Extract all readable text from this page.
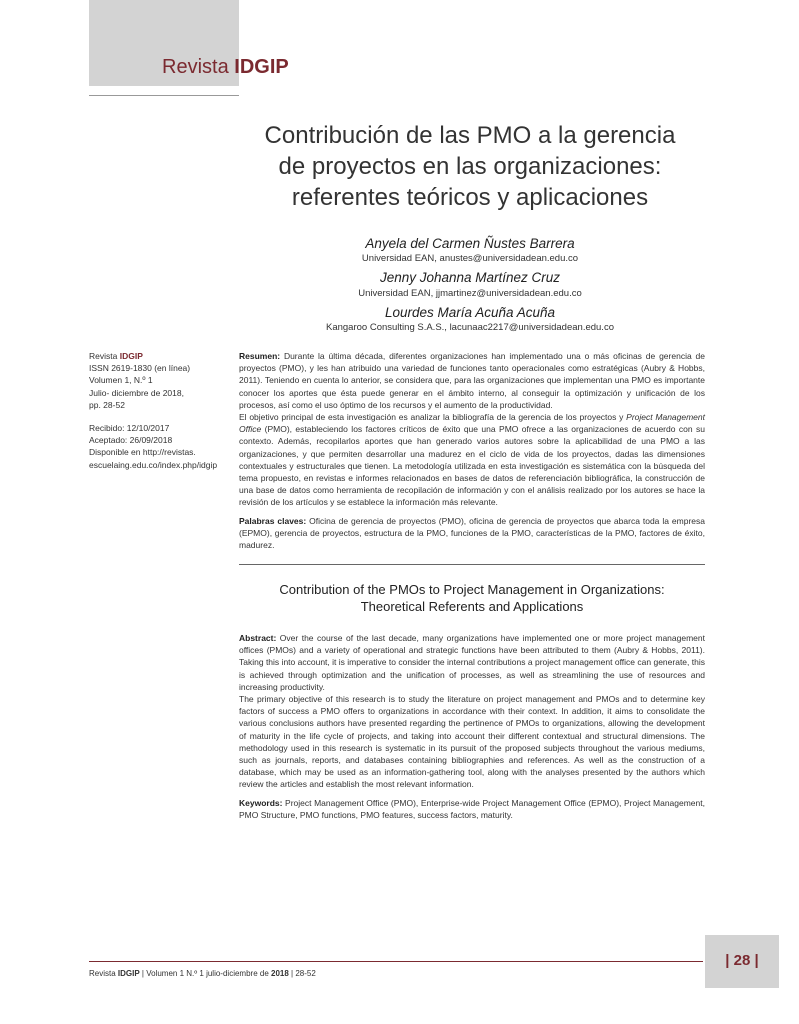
Revista IDGIP
Contribución de las PMO a la gerencia
de proyectos en las organizaciones:
referentes teóricos y aplicaciones
Anyela del Carmen Ñustes Barrera
Universidad EAN, anustes@universidadean.edu.co
Jenny Johanna Martínez Cruz
Universidad EAN, jjmartinez@universidadean.edu.co
Lourdes María Acuña Acuña
Kangaroo Consulting S.A.S., lacunaac2217@universidadean.edu.co
Revista IDGIP
ISSN 2619-1830 (en línea)
Volumen 1, N.º 1
Julio- diciembre de 2018,
pp. 28-52
Recibido: 12/10/2017
Aceptado: 26/09/2018
Disponible en http://revistas.
escuelaing.edu.co/index.php/idgip

Resumen: Durante la última década, diferentes organizaciones han implementado una o más oficinas de gerencia de proyectos (PMO), y les han atribuido una variedad de funciones tanto operacionales como estratégicas (Aubry & Hobbs, 2011). Teniendo en cuenta lo anterior, se considera que, para las organizaciones que implementan una PMO es importante conocer los aportes que ésta puede generar en el ámbito interno, al conseguir la optimización y unificación de los procesos, así como el uso óptimo de los recursos y el aumento de la productividad.

El objetivo principal de esta investigación es analizar la bibliografía de la gerencia de los proyectos y Project Management Office (PMO), estableciendo los factores críticos de éxito que una PMO ofrece a las organizaciones de acuerdo con su contexto. Además, recopilarlos aportes que han generado varios autores sobre la aplicabilidad de una PMO a las organizaciones, y que permiten desarrollar una madurez en el ciclo de vida de los proyectos, dadas las dimensiones contextuales y estructurales que tienen. La metodología utilizada en esta investigación es sistemática con la búsqueda del tema propuesto, en revistas e informes relacionados en bases de datos de referenciación bibliográfica, la construcción de una base de datos como herramienta de recopilación de información y con el análisis realizado por los autores se hace la revisión de los artículos y se establece la información más relevante.

Palabras claves: Oficina de gerencia de proyectos (PMO), oficina de gerencia de proyectos que abarca toda la empresa (EPMO), gerencia de proyectos, estructura de la PMO, funciones de la PMO, características de la PMO, factores de éxito, madurez.

Contribution of the PMOs to Project Management in Organizations:
Theoretical Referents and Applications

Abstract: Over the course of the last decade, many organizations have implemented one or more project management offices (PMOs) and a variety of operational and strategic functions have been attributed to them (Aubry & Hobbs, 2011). Taking this into account, it is imperative to consider the internal contributions a project management office can generate, this is achieved through optimization and the unification of processes, as well as streamlining the use of resources and increasing productivity.

The primary objective of this research is to study the literature on project management and PMOs and to determine key factors of success a PMO offers to organizations in accordance with their context. In addition, it aims to consolidate the various conclusions authors have presented regarding the pertinence of PMOs to organizations, allowing the development of maturity in the life cycle of projects, and taking into account their different contextual and structural dimensions. The methodology used in this research is systematic in its pursuit of the proposed subjects throughout the various mediums, such as journals, reports, and databases containing bibliographies and references. As well as the construction of a database, which may be used as an information-gathering tool, along with the analyses presented by the authors which review the articles and establish the most relevant information.

Keywords: Project Management Office (PMO), Enterprise-wide Project Management Office (EPMO), Project Management, PMO Structure, PMO functions, PMO features, success factors, maturity.

| 28 |
Revista IDGIP | Volumen 1 N.º 1 julio-diciembre de 2018 | 28-52
